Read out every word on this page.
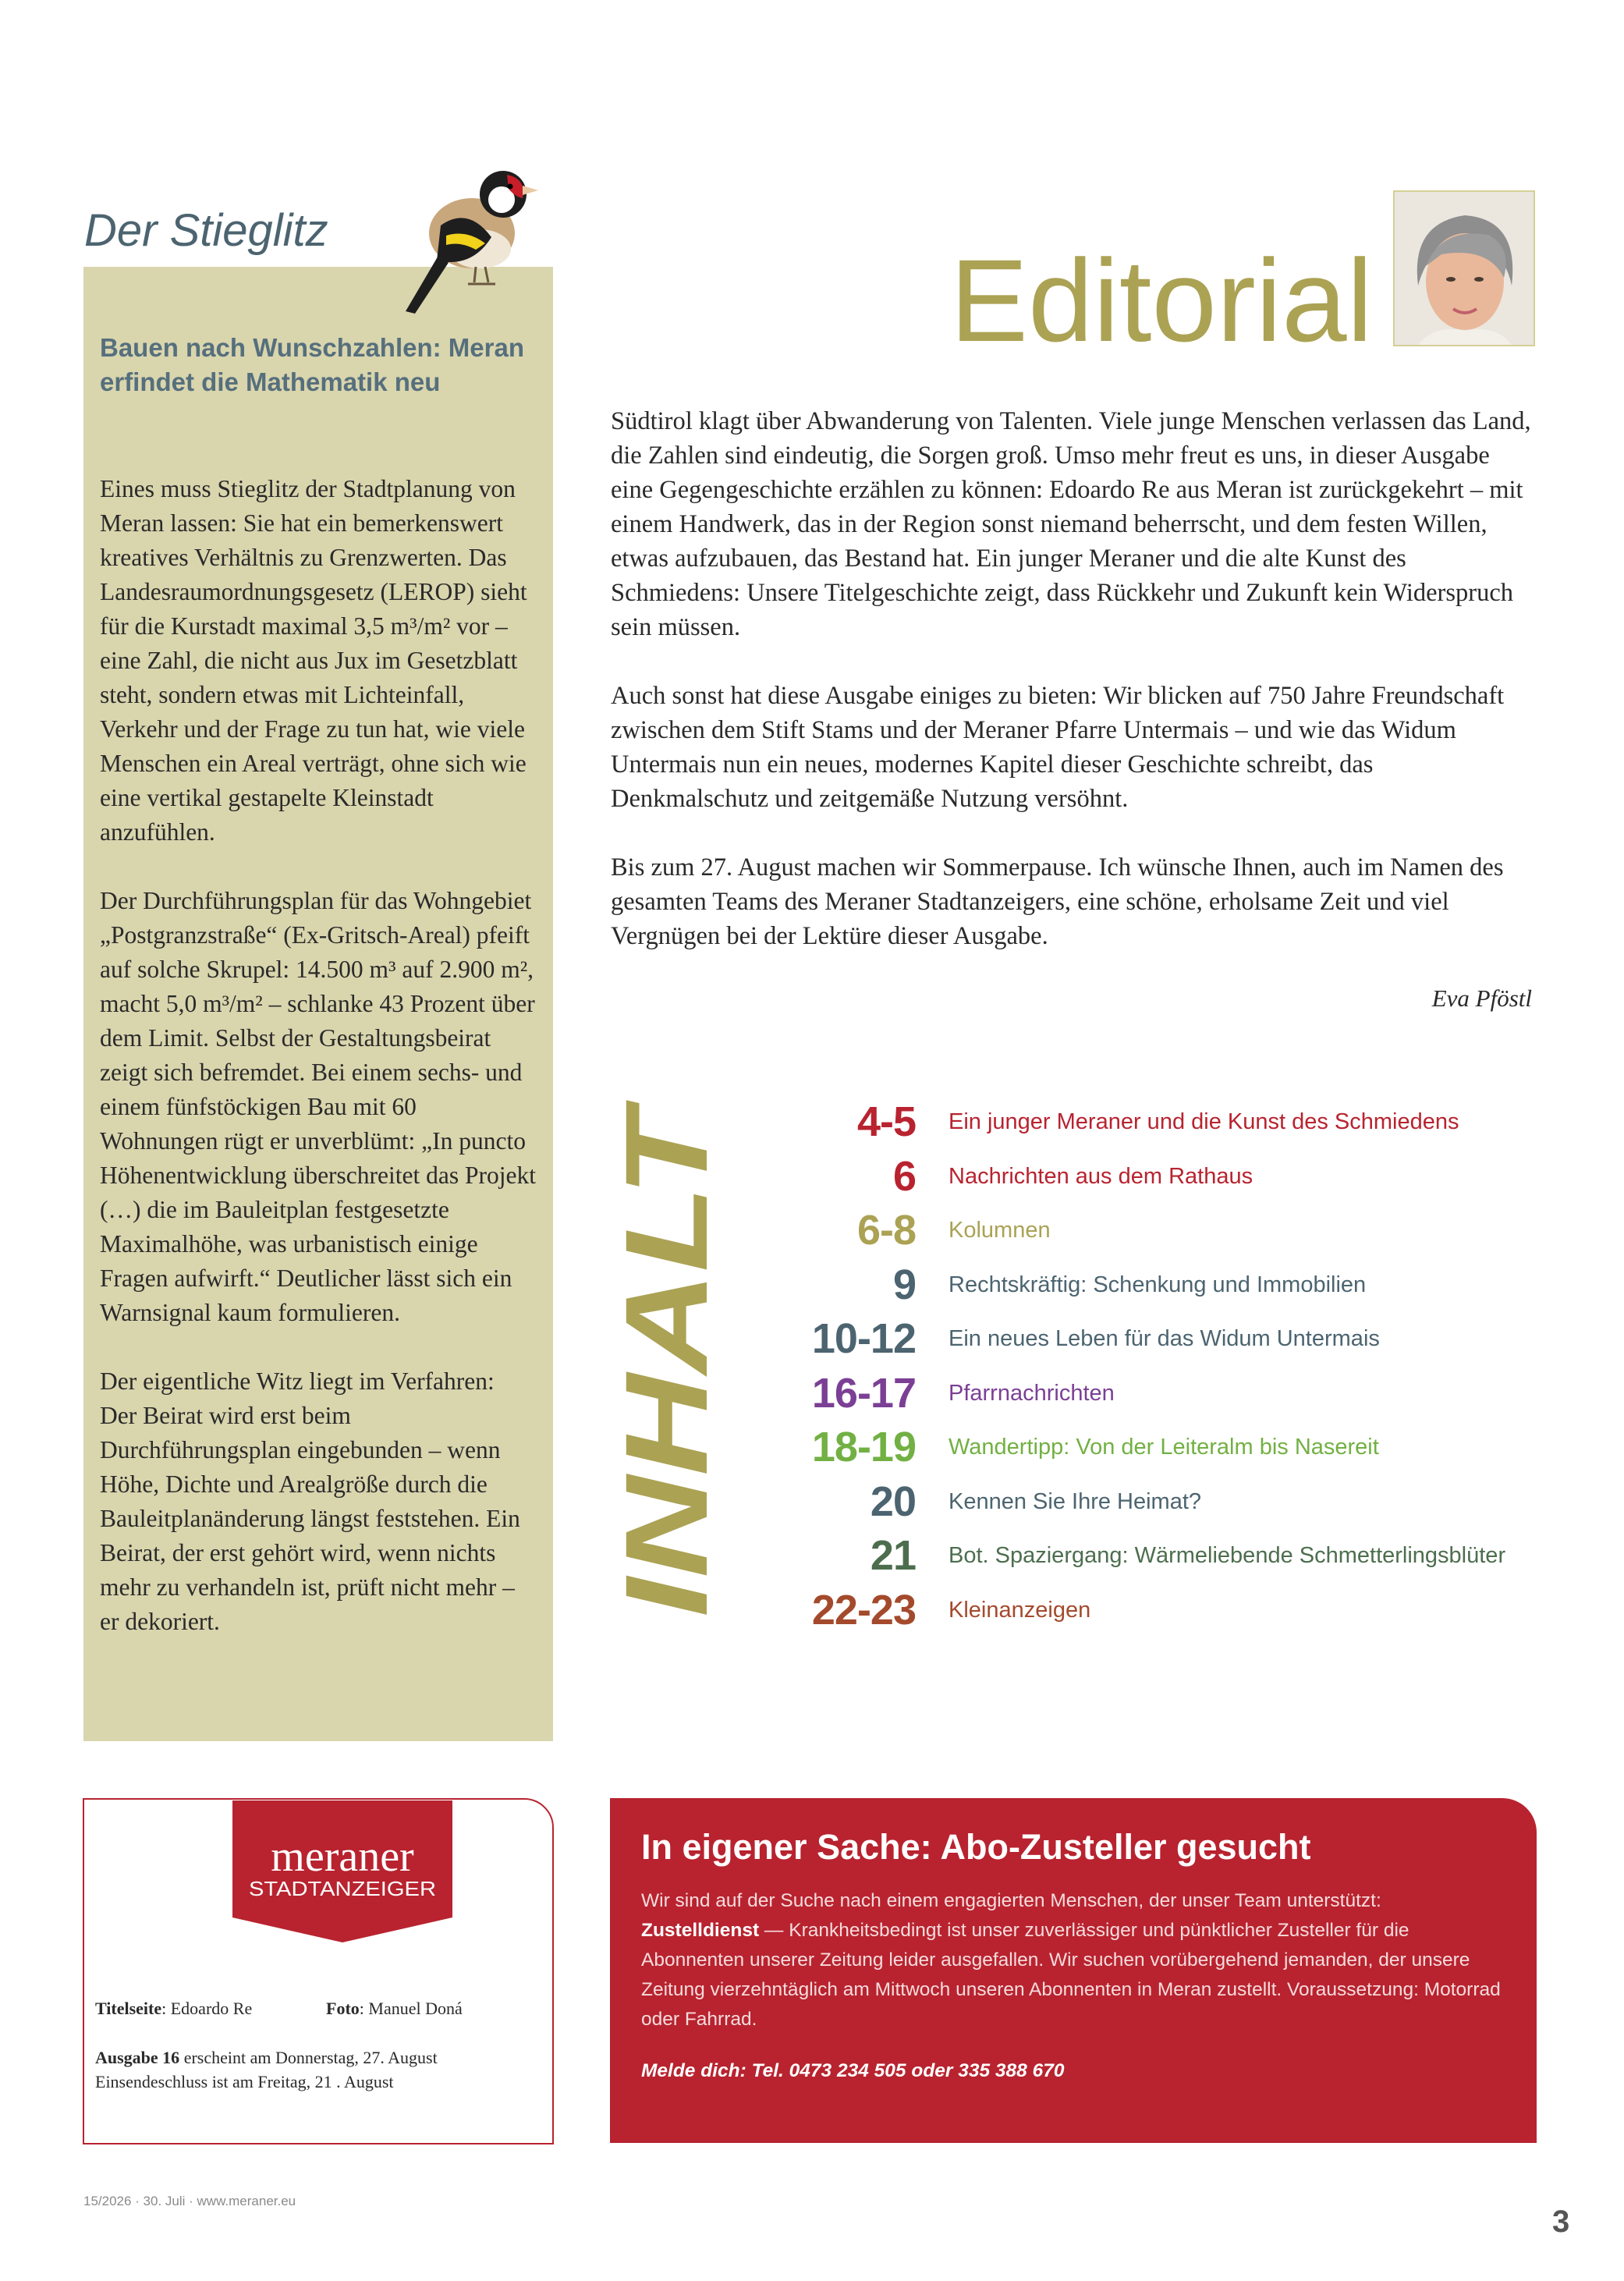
Der Stieglitz
Bauen nach Wunschzahlen: Meran erfindet die Mathematik neu

Eines muss Stieglitz der Stadtplanung von Meran lassen: Sie hat ein bemerkenswert kreatives Verhältnis zu Grenzwerten. Das Landesraumordnungsgesetz (LEROP) sieht für die Kurstadt maximal 3,5 m³/m² vor – eine Zahl, die nicht aus Jux im Gesetzblatt steht, sondern etwas mit Lichteinfall, Verkehr und der Frage zu tun hat, wie viele Menschen ein Areal verträgt, ohne sich wie eine vertikal gestapelte Kleinstadt anzufühlen.

Der Durchführungsplan für das Wohngebiet „Postgranzstraße“ (Ex-Gritsch-Areal) pfeift auf solche Skrupel: 14.500 m³ auf 2.900 m², macht 5,0 m³/m² – schlanke 43 Prozent über dem Limit. Selbst der Gestaltungsbeirat zeigt sich befremdet. Bei einem sechs- und einem fünfstöckigen Bau mit 60 Wohnungen rügt er unverblümt: „In puncto Höhenentwicklung überschreitet das Projekt (…) die im Bauleitplan festgesetzte Maximalhöhe, was urbanistisch einige Fragen aufwirft.“ Deutlicher lässt sich ein Warnsignal kaum formulieren.

Der eigentliche Witz liegt im Verfahren: Der Beirat wird erst beim Durchführungsplan eingebunden – wenn Höhe, Dichte und Arealgröße durch die Bauleitplanänderung längst feststehen. Ein Beirat, der erst gehört wird, wenn nichts mehr zu verhandeln ist, prüft nicht mehr – er dekoriert.

Editorial

Südtirol klagt über Abwanderung von Talenten. Viele junge Menschen verlassen das Land, die Zahlen sind eindeutig, die Sorgen groß. Umso mehr freut es uns, in dieser Ausgabe eine Gegengeschichte erzählen zu können: Edoardo Re aus Meran ist zurückgekehrt – mit einem Handwerk, das in der Region sonst niemand beherrscht, und dem festen Willen, etwas aufzubauen, das Bestand hat. Ein junger Meraner und die alte Kunst des Schmiedens: Unsere Titelgeschichte zeigt, dass Rückkehr und Zukunft kein Widerspruch sein müssen.

Auch sonst hat diese Ausgabe einiges zu bieten: Wir blicken auf 750 Jahre Freundschaft zwischen dem Stift Stams und der Meraner Pfarre Untermais – und wie das Widum Untermais nun ein neues, modernes Kapitel dieser Geschichte schreibt, das Denkmalschutz und zeitgemäße Nutzung versöhnt.

Bis zum 27. August machen wir Sommerpause. Ich wünsche Ihnen, auch im Namen des gesamten Teams des Meraner Stadtanzeigers, eine schöne, erholsame Zeit und viel Vergnügen bei der Lektüre dieser Ausgabe.

Eva Pföstl
INHALT
4-5 Ein junger Meraner und die Kunst des Schmiedens
6 Nachrichten aus dem Rathaus
6-8 Kolumnen
9 Rechtskräftig: Schenkung und Immobilien
10-12 Ein neues Leben für das Widum Untermais
16-17 Pfarrnachrichten
18-19 Wandertipp: Von der Leiteralm bis Nasereit
20 Kennen Sie Ihre Heimat?
21 Bot. Spaziergang: Wärmeliebende Schmetterlingsblüter
22-23 Kleinanzeigen
meraner
STADTANZEIGER
Titelseite: Edoardo Re	Foto: Manuel Doná
Ausgabe 16 erscheint am Donnerstag, 27. August
Einsendeschluss ist am Freitag, 21 . August
In eigener Sache: Abo-Zusteller gesucht
Wir sind auf der Suche nach einem engagierten Menschen, der unser Team unterstützt:
Zustelldienst — Krankheitsbedingt ist unser zuverlässiger und pünktlicher Zusteller für die Abonnenten unserer Zeitung leider ausgefallen. Wir suchen vorübergehend jemanden, der unsere Zeitung vierzehntäglich am Mittwoch unseren Abonnenten in Meran zustellt. Voraussetzung: Motorrad oder Fahrrad.
Melde dich: Tel. 0473 234 505 oder 335 388 670
15/2026 · 30. Juli · www.meraner.eu
3
